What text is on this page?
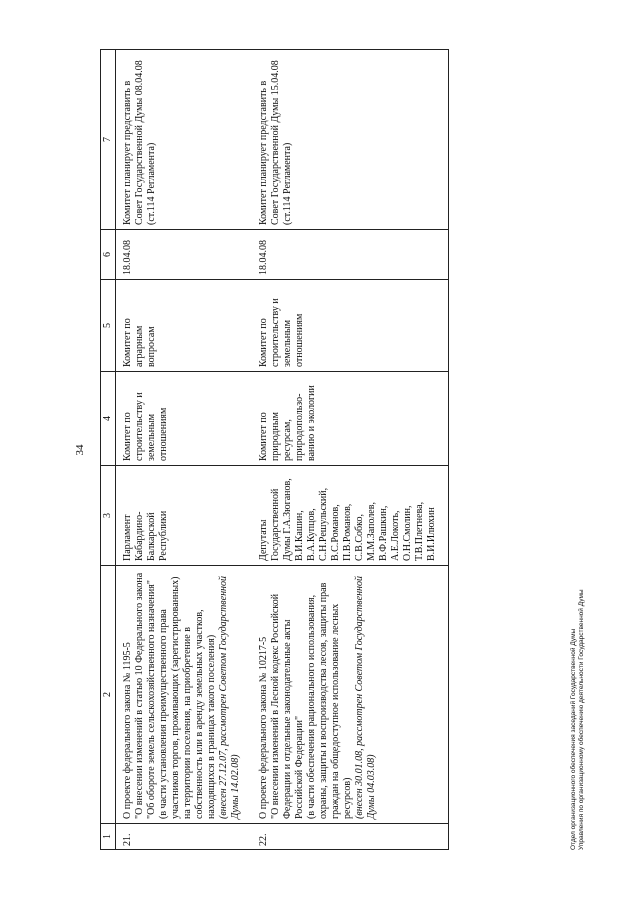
34
1	2	3	4	5	6	7
21.	О проекте федерального закона № 1195-5 "О внесении изменений в статью 10 Федерального закона "Об обороте земель сельскохозяйственного назначения" (в части установления преимущественного права участников торгов, проживающих (зарегистрированных) на территории поселения, на приобретение в собственность или в аренду земельных участков, находящихся в границах такого поселения) (внесен 27.12.07, рассмотрен Советом Государственной Думы 14.02.08)	Парламент Кабардино-Балкарской Республики	Комитет по строительству и земельным отношениям	Комитет по аграрным вопросам	18.04.08	Комитет планирует представить в Совет Государственной Думы 08.04.08 (ст.114 Регламента)
22.	О проекте федерального закона № 10217-5 "О внесении изменений в Лесной кодекс Российской Федерации и отдельные законодательные акты Российской Федерации" (в части обеспечения рационального использования, охраны, защиты и воспроизводства лесов, защиты прав граждан на общедоступное использование лесных ресурсов) (внесен 30.01.08, рассмотрен Советом Государственной Думы 04.03.08)	Депутаты Государственной Думы Г.А.Зюганов, В.И.Кашин, В.А.Купцов, С.Н.Решульский, В.С.Романов, П.В.Романов, С.В.Собко, М.М.Заполев, В.Ф.Рашкин, А.Е.Локоть, О.Н.Смолин, Т.В.Плетнева, В.И.Илюхин	Комитет по природным ресурсам, природопользо-ванию и экологии	Комитет по строительству и земельным отношениям	18.04.08	Комитет планирует представить в Совет Государственной Думы 15.04.08 (ст.114 Регламента)
Отдел организационного обеспечения заседаний Государственной Думы Управления по организационному обеспечению деятельности Государственной Думы
